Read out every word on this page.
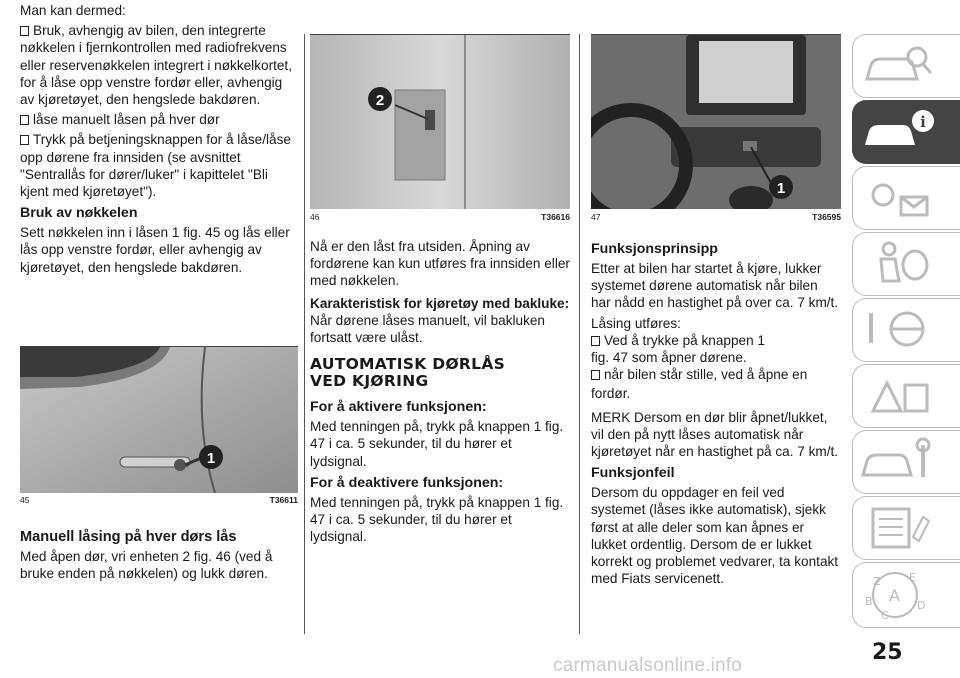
Man kan dermed:

Bruk, avhengig av bilen, den integrerte nøkkelen i fjernkontrollen med radiofrekvens eller reservenøkkelen integrert i nøkkelkortet, for å låse opp venstre fordør eller, avhengig av kjøretøyet, den hengslede bakdøren.

låse manuelt låsen på hver dør

Trykk på betjeningsknappen for å låse/låse opp dørene fra innsiden (se avsnittet "Sentrallås for dører/luker" i kapittelet "Bli kjent med kjøretøyet").

Bruk av nøkkelen

Sett nøkkelen inn i låsen 1 fig. 45 og lås eller lås opp venstre fordør, eller avhengig av kjøretøyet, den hengslede bakdøren.

1
45	T36611
Manuell låsing på hver dørs lås

Med åpen dør, vri enheten 2 fig. 46 (ved å bruke enden på nøkkelen) og lukk døren.

2
46	T36616

Nå er den låst fra utsiden. Åpning av fordørene kan kun utføres fra innsiden eller med nøkkelen.

Karakteristisk for kjøretøy med bakluke: Når dørene låses manuelt, vil bakluken fortsatt være ulåst.

AUTOMATISK DØRLÅS
VED KJØRING
For å aktivere funksjonen:

Med tenningen på, trykk på knappen 1 fig. 47 i ca. 5 sekunder, til du hører et lydsignal.

For å deaktivere funksjonen:

Med tenningen på, trykk på knappen 1 fig. 47 i ca. 5 sekunder, til du hører et lydsignal.

1
47	T36595
Funksjonsprinsipp

Etter at bilen har startet å kjøre, lukker systemet dørene automatisk når bilen har nådd en hastighet på over ca. 7 km/t.

Låsing utføres:

Ved å trykke på knappen 1

fig. 47 som åpner dørene.

når bilen står stille, ved å åpne en

fordør.

MERK Dersom en dør blir åpnet/lukket, vil den på nytt låses automatisk når kjøretøyet når en hastighet på ca. 7 km/t.

Funksjonfeil

Dersom du oppdager en feil ved systemet (låses ikke automatisk), sjekk først at alle deler som kan åpnes er lukket ordentlig. Dersom de er lukket korrekt og problemet vedvarer, ta kontakt med Fiats servicenett.

i
Z	E
A
B	D
C
25
carmanualsonline.info
